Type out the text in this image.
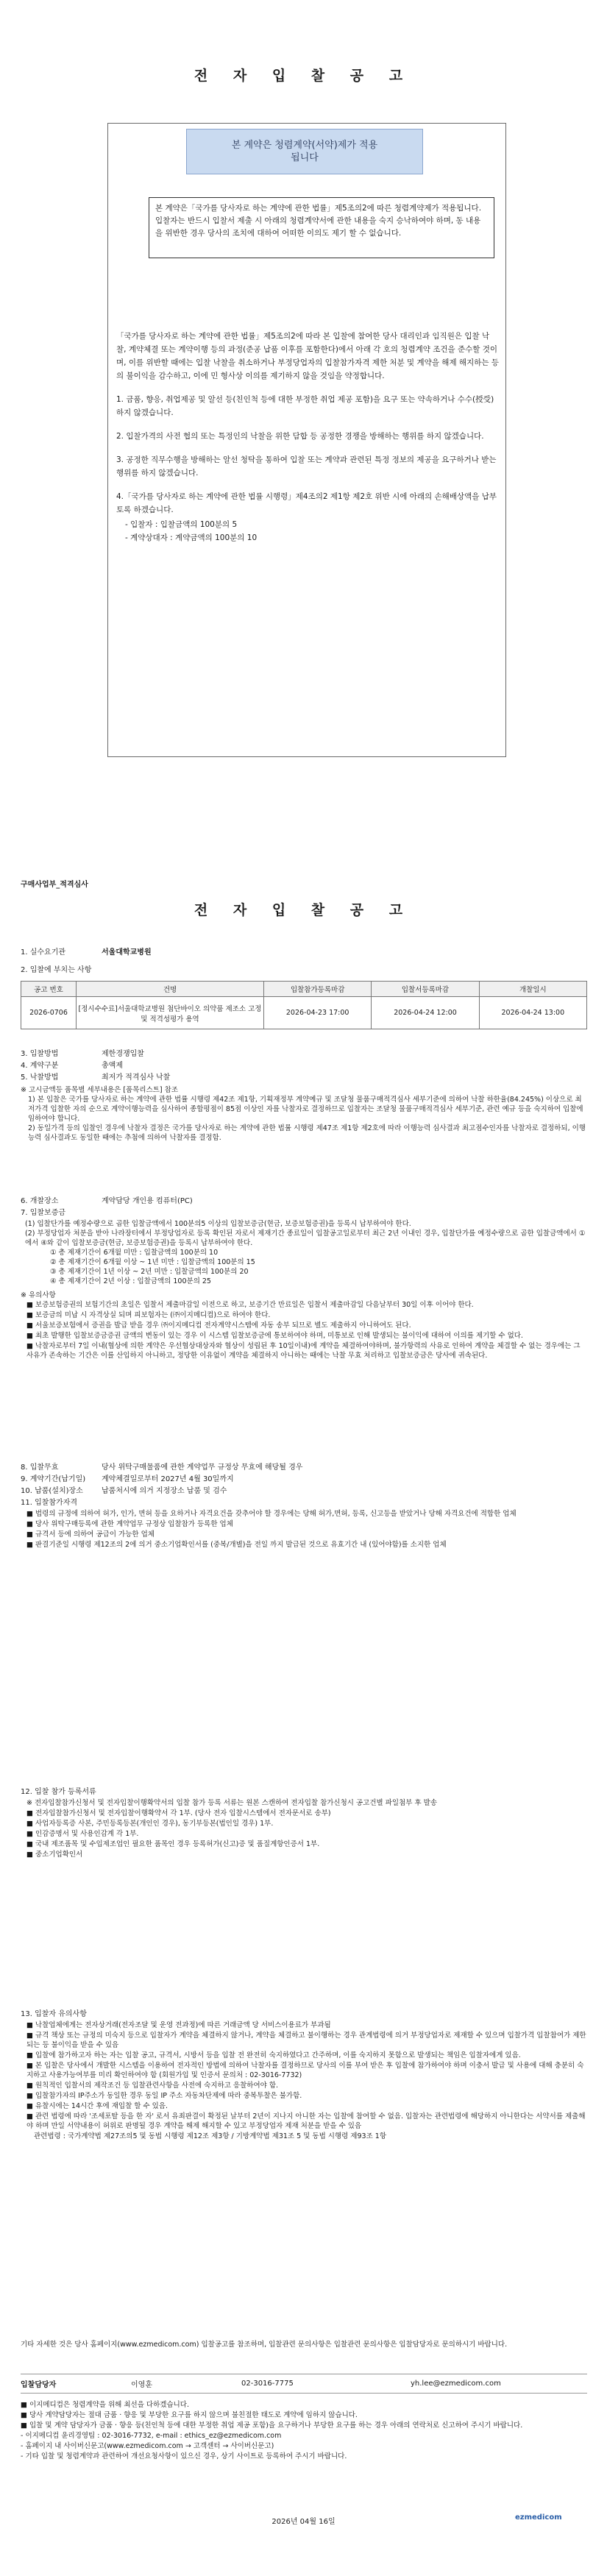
전 자 입 찰 공 고
본 계약은 청렴계약(서약)제가 적용됩니다
본 계약은「국가를 당사자로 하는 계약에 관한 법률」제5조의2에 따른 청렴계약제가 적용됩니다. 입찰자는 반드시 입찰서 제출 시 아래의 청렴계약서에 관한 내용을 숙지 승낙하여야 하며, 동 내용을 위반한 경우 당사의 조치에 대하여 어떠한 이의도 제기 할 수 없습니다.

「국가를 당사자로 하는 계약에 관한 법률」제5조의2에 따라 본 입찰에 참여한 당사 대리인과 임직원은 입찰 낙찰, 계약체결 또는 계약이행 등의 과정(준공 납품 이후를 포함한다)에서 아래 각 호의 청렴계약 조건을 준수할 것이며, 이를 위반할 때에는 입찰 낙찰을 취소하거나 부정당업자의 입찰참가자격 제한 처분 및 계약을 해제 해지하는 등의 불이익을 감수하고, 이에 민 형사상 이의를 제기하지 않을 것임을 약정합니다.

1. 금품, 향응, 취업제공 및 알선 등(친인척 등에 대한 부정한 취업 제공 포함)을 요구 또는 약속하거나 수수(授受)하지 않겠습니다.

2. 입찰가격의 사전 협의 또는 특정인의 낙찰을 위한 담합 등 공정한 경쟁을 방해하는 행위를 하지 않겠습니다.

3. 공정한 직무수행을 방해하는 알선 청탁을 통하여 입찰 또는 계약과 관련된 특정 정보의 제공을 요구하거나 받는 행위를 하지 않겠습니다.

4.「국가를 당사자로 하는 계약에 관한 법률 시행령」제4조의2 제1항 제2호 위반 시에 아래의 손해배상액을 납부토록 하겠습니다.

- 입찰자 : 입찰금액의 100분의 5
- 계약상대자 : 계약금액의 100분의 10
구매사업부_적격심사
전 자 입 찰 공 고
1. 실수요기관	서울대학교병원
2. 입찰에 부치는 사항
공고 번호	건명	입찰참가등록마감	입찰서등록마감	개찰일시
2026-0706	[정시수수료]서울대학교병원 첨단바이오 의약품 제조소 고정 및 적격성평가 용역	2026-04-23 17:00	2026-04-24 12:00	2026-04-24 13:00
3. 입찰방법	제한경쟁입찰
4. 계약구분	총액제
5. 낙찰방법	최저가 적격심사 낙찰
※ 고시금액등 품목별 세부내용은 [품목리스트] 참조
1) 본 입찰은 국가를 당사자로 하는 계약에 관한 법률 시행령 제42조 제1항, 기획재정부 계약예규 및 조달청 물품구매적격심사 세부기준에 의하여 낙찰 하한율(84.245%) 이상으로 최저가격 입찰한 자의 순으로 계약이행능력을 심사하여 종합평점이 85점 이상인 자를 낙찰자로 결정하므로 입찰자는 조달청 물품구매적격심사 세부기준, 관련 예규 등을 숙지하여 입찰에 임하여야 합니다.
2) 동일가격 등의 입찰인 경우에 낙찰자 결정은 국가를 당사자로 하는 계약에 관한 법률 시행령 제47조 제1항 제2호에 따라 이행능력 심사결과 최고점수인자를 낙찰자로 결정하되, 이행능력 심사결과도 동일한 때에는 추첨에 의하여 낙찰자를 결정함.
6. 개찰장소	계약담당 개인용 컴퓨터(PC)
7. 입찰보증금
(1) 입찰단가를 예정수량으로 곱한 입찰금액에서 100분의5 이상의 입찰보증금(현금, 보증보험증권)을 등록시 납부하여야 한다.
(2) 부정당업자 처분을 받아 나라장터에서 부정당업자로 등록 확인된 자로서 제재기간 종료일이 입찰공고일로부터 최근 2년 이내인 경우, 입찰단가를 예정수량으로 곱한 입찰금액에서 ①에서 ④와 같이 입찰보증금(현금, 보증보험증권)을 등록시 납부하여야 한다.
① 총 제재기간이 6개월 미만 : 입찰금액의 100분의 10
② 총 제재기간이 6개월 이상 ~ 1년 미만 : 입찰금액의 100분의 15
③ 총 제재기간이 1년 이상 ~ 2년 미만 : 입찰금액의 100분의 20
④ 총 제재기간이 2년 이상 : 입찰금액의 100분의 25
※ 유의사항
■ 보증보험증권의 보험기간의 초일은 입찰서 제출마감일 이전으로 하고, 보증기간 만료일은 입찰서 제출마감일 다음날부터 30일 이후 이어야 한다.
■ 보증금의 미납 시 자격상실 되며 피보험자는 (㈜이지메디컴)으로 하여야 한다.
■ 서울보증보험에서 증권을 발급 받을 경우 ㈜이지메디컴 전자계약시스템에 자동 송부 되므로 별도 제출하지 아니하여도 된다.
■ 최초 발행한 입찰보증금증권 금액의 변동이 있는 경우 이 시스템 입찰보증금에 통보하여야 하며, 미통보로 인해 발생되는 불이익에 대하여 이의를 제기할 수 없다.
■ 낙찰자로부터 7일 이내(협상에 의한 계약은 우선협상대상자와 협상이 성립된 후 10일이내)에 계약을 체결하여야하며, 불가항력의 사유로 인하여 계약을 체결할 수 없는 경우에는 그 사유가 존속하는 기간은 이를 산입하지 아니하고, 정당한 이유없이 계약을 체결하지 아니하는 때에는 낙찰 무효 처리하고 입찰보증금은 당사에 귀속된다.
8. 입찰무효	당사 위탁구매물품에 관한 계약업무 규정상 무효에 해당될 경우
9. 계약기간(납기일)	계약체결일로부터 2027년 4월 30일까지
10. 납품(설치)장소	납품처시에 의거 지정장소 납품 및 검수
11. 입찰참가자격
■ 법령의 규정에 의하여 허가, 인가, 면허 등을 요하거나 자격요건을 갖추어야 할 경우에는 당해 허가,면허, 등록, 신고등을 받았거나 당해 자격요건에 적합한 업체
■ 당사 위탁구매등록에 관한 계약업무 규정상 입찰참가 등록한 업체
■ 규격서 등에 의하여 공급이 가능한 업체
■ 판결기준일 시행령 제12조의 2에 의거 중소기업확인서를 (중복/개별)을 전일 까지 발급된 것으로 유효기간 내 (있어야함)를 소지한 업체
12. 입찰 참가 등록서류
※ 전자입찰참가신청서 및 전자입찰이행확약서의 입찰 참가 등록 서류는 원본 스캔하여 전자입찰 참가신청시 공고건별 파일첨부 후 발송
■ 전자입찰참가신청서 및 전자입찰이행확약서 각 1부. (당사 전자 입찰시스템에서 전자문서로 송부)
■ 사업자등록증 사본, 주민등록등본(개인인 경우), 동기부등본(법인일 경우) 1부.
■ 인감증명서 및 사용인감계 각 1부.
■ 국내 제조품목 및 수입제조업인 필요한 품목인 경우 등록허가(신고)증 및 품질계항인증서 1부.
■ 중소기업확인서
13. 입찰자 유의사항
■ 낙찰업체에게는 전자상거래(전자조달 및 운영 전과정)에 따른 거래금액 당 서비스이용료가 부과됨
■ 규격 책상 또는 규정의 미숙지 등으로 입찰자가 계약을 체결하지 않거나, 계약을 체결하고 불이행하는 경우 관계법령에 의거 부정당업자로 제재할 수 있으며 입찰가격 입찰참여가 제한되는 등 불이익을 받을 수 있음
■ 입찰에 참가하고자 하는 자는 입찰 공고, 규격서, 시방서 등을 입찰 전 완전히 숙지하였다고 간주하며, 이를 숙지하지 못함으로 발생되는 책임은 입찰자에게 있음.
■ 본 입찰은 당사에서 개발한 시스템을 이용하여 전자적인 방법에 의하여 낙찰자를 결정하므로 당사의 이를 부여 받은 후 입찰에 참가하여야 하며 이충서 발급 및 사용에 대해 충분히 숙지하고 사용가능여부를 미리 확인하여야 함 (회원가입 및 인증서 문의처 : 02-3016-7732)
■ 원칙적인 입찰서의 제작조건 등 입찰관련사항을 사전에 숙지하고 응찰하여야 함.
■ 입찰참가자의 IP주소가 동일한 경우 동일 IP 주소 자동차단제에 따라 중복투찰은 불가함.
■ 유찰시에는 14시간 후에 재입찰 할 수 있음.
■ 관련 법령에 따라 '조세포탈 등을 한 자' 로서 유죄판결이 확정된 날부터 2년이 지나지 아니한 자는 입찰에 참여할 수 없음. 입찰자는 관련법령에 해당하지 아니한다는 서약서를 제출해야 하며 만일 서약내용이 허위로 판명될 경우 계약을 해제 해지할 수 있고 부정당업자 제재 처분을 받을 수 있음
관련법령 : 국가계약법 제27조의5 및 동법 시행령 제12조 제3항 / 기방계약법 제31조 5 및 동법 시행령 제93조 1항
기타 자세한 것은 당사 홈페이지(www.ezmedicom.com) 입찰공고를 참조하며, 입찰관련 문의사항은 입찰관련 문의사항은 입찰담당자로 문의하시기 바랍니다.
입찰담당자	이영훈	02-3016-7775	yh.lee@ezmedicom.com
■ 이지메디컴은 청렴계약을 위해 최선을 다하겠습니다.
■ 당사 계약담당자는 절대 금품 · 향응 및 부당한 요구를 하지 않으며 불친절한 태도로 계약에 임하지 않습니다.
■ 입찰 및 계약 담당자가 금품 · 향응 등(친인척 등에 대한 부정한 취업 제공 포함)을 요구하거나 부당한 요구를 하는 경우 아래의 연락처로 신고하여 주시기 바랍니다.
- 이지메디컴 윤리경영팀 : 02-3016-7732, e-mail : ethics_ez@ezmedicom.com
- 홈페이지 내 사이버신문고(www.ezmedicom.com → 고객센터 → 사이버신문고)
- 기타 입찰 및 청렴계약과 관련하여 개선요청사항이 있으신 경우, 상기 사이트로 등록하여 주시기 바랍니다.
2026년 04월 16일
ezmedicom
